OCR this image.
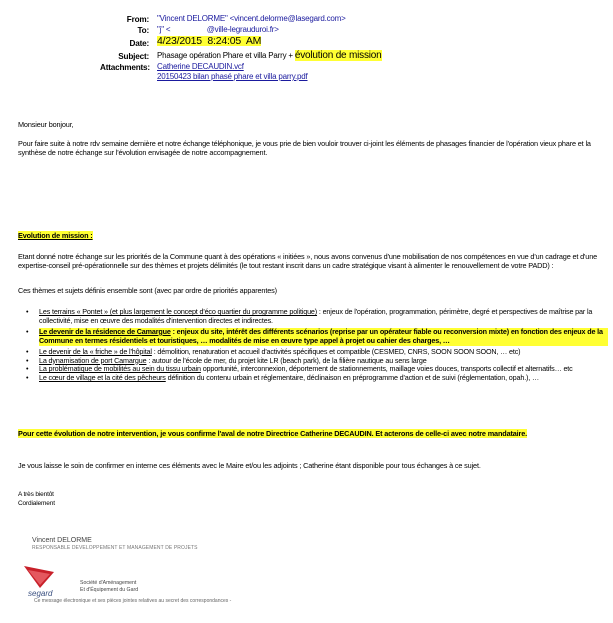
From: "Vincent DELORME" <vincent.delorme@lasegard.com>
To: "j" <                  @ville-legrauduroi.fr>
Date: 4/23/2015  8:24:05  AM
Subject: Phasage opération Phare et villa Parry + évolution de mission
Attachments: Catherine DECAUDIN.vcf
20150423 bilan phasé phare et villa parry.pdf
Monsieur bonjour,
Pour faire suite à notre rdv semaine dernière et notre échange téléphonique, je vous prie de bien vouloir trouver ci-joint les éléments de phasages financier de l'opération vieux phare et la synthèse de notre échange sur l'évolution envisagée de notre accompagnement.
Evolution de mission :
Etant donné notre échange sur les priorités de la Commune quant à des opérations « initiées », nous avons convenus d'une mobilisation de nos compétences en vue d'un cadrage et d'une expertise-conseil pré-opérationnelle sur des thèmes et projets délimités (le tout restant inscrit dans un cadre stratégique visant à alimenter le renouvellement de votre PADD) :
Ces thèmes et sujets définis ensemble sont (avec par ordre de priorités apparentes)
•	Les terrains « Pontet » (et plus largement le concept d'éco quartier du programme politique) : enjeux de l'opération, programmation, périmètre, degré et perspectives de maîtrise par la collectivité, mise en œuvre des modalités d'intervention directes et indirectes.
•	Le devenir de la résidence de Camargue : enjeux du site, intérêt des différents scénarios (reprise par un opérateur fiable ou reconversion mixte) en fonction des enjeux de la Commune en termes résidentiels et touristiques, … modalités de mise en œuvre type appel à projet ou cahier des charges, …
•	Le devenir de la « friche » de l'hôpital : démolition, renaturation et accueil d'activités spécifiques et compatible (CESMED, CNRS, SOON SOON SOON, … etc)
•	La dynamisation de port Camargue : autour de l'école de mer, du projet kite LR (beach park), de la filière nautique au sens large
•	La problématique de mobilités au sein du tissu urbain opportunité, interconnexion, déportement de stationnements, maillage voies douces, transports collectif et alternatifs… etc
•	Le cœur de village et la cité des pêcheurs définition du contenu urbain et réglementaire, déclinaison en préprogramme d'action et de suivi (réglementation, opah.), …
Pour cette évolution de notre intervention, je vous confirme l'aval de notre Directrice Catherine DECAUDIN. Et acterons de celle-ci avec notre mandataire.
Je vous laisse le soin de confirmer en interne ces éléments avec le Maire et/ou les adjoints ; Catherine étant disponible pour tous échanges à ce sujet.
A très bientôt
Cordialement
Vincent DELORME
RESPONSABLE DEVELOPPEMENT ET MANAGEMENT DE PROJETS
segard
Société d'Aménagement
Et d'Équipement du Gard
Ce message électronique et ses pièces jointes relatives au secret des correspondances -
